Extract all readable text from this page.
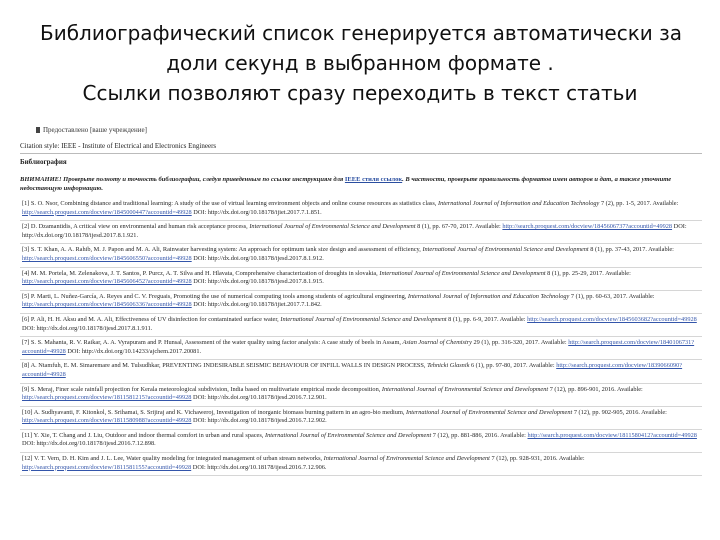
Библиографический список генерируется автоматически за
доли секунд в выбранном формате .
Ссылки позволяют сразу переходить в текст статьи
Предоставлено [ваше учреждение]
Citation style: IEEE - Institute of Electrical and Electronics Engineers
Библиография
ВНИМАНИЕ! Проверьте полноту и точность библиографии, следуя приведенным по ссылке инструкциям для IEEE стиля ссылок. В частности, проверьте правильность форматов имен авторов и дат, а также уточните недостающую информацию.
[1] S. O. Nsor, Combining distance and traditional learning: A study of the use of virtual learning environment objects and online course resources as statistics class, International Journal of Information and Education Technology 7 (2), pp. 1-5, 2017. Available: http://search.proquest.com/docview/1845000447?accountid=49928 DOI: http://dx.doi.org/10.18178/ijiet.2017.7.1.851.
[2] D. Dzamantidis, A critical view on environmental and human risk acceptance process, International Journal of Environmental Science and Development 8 (1), pp. 67-70, 2017. Available: http://search.proquest.com/docview/1845606737?accountid=49928 DOI: http://dx.doi.org/10.18178/ijesd.2017.8.1.921.
[3] S. T. Khan, A. A. Rahib, M. J. Papon and M. A. Ali, Rainwater harvesting system: An approach for optimum tank size design and assessment of efficiency, International Journal of Environmental Science and Development 8 (1), pp. 37-43, 2017. Available: http://search.proquest.com/docview/1845606550?accountid=49928 DOI: http://dx.doi.org/10.18178/ijesd.2017.8.1.912.
[4] M. M. Portela, M. Zelenakova, J. T. Santos, P. Purcz, A. T. Silva and H. Hlavata, Comprehensive characterization of droughts in slovakia, International Journal of Environmental Science and Development 8 (1), pp. 25-29, 2017. Available: http://search.proquest.com/docview/1845606452?accountid=49928 DOI: http://dx.doi.org/10.18178/ijesd.2017.8.1.915.
[5] P. Marti, L. Nuñez-García, A. Reyes and C. V. Freguais, Promoting the use of numerical computing tools among students of agricultural engineering, International Journal of Information and Education Technology 7 (1), pp. 60-63, 2017. Available: http://search.proquest.com/docview/1845606336?accountid=49928 DOI: http://dx.doi.org/10.18178/ijiet.2017.7.1.842.
[6] P. Ali, H. H. Aksu and M. A. Ali, Effectiveness of UV disinfection for contaminated surface water, International Journal of Environmental Science and Development 8 (1), pp. 6-9, 2017. Available: http://search.proquest.com/docview/1845603682?accountid=49928 DOI: http://dx.doi.org/10.18178/ijesd.2017.8.1.911.
[7] S. S. Mahanta, R. V. Raikar, A. A. Vyrapuram and P. Hunsal, Assessment of the water quality using factor analysis: A case study of beels in Assam, Asian Journal of Chemistry 29 (1), pp. 316-320, 2017. Available: http://search.proquest.com/docview/1840106731?accountid=49928 DOI: http://dx.doi.org/10.14233/ajchem.2017.20081.
[8] A. Ntamfuh, E. M. Simaremare and M. Tulsudhkar, PREVENTING INDESIRABLE SEISMIC BEHAVIOUR OF INFILL WALLS IN DESIGN PROCESS, Tehnicki Glasnik 6 (1), pp. 97-80, 2017. Available: http://search.proquest.com/docview/1839066090?accountid=49928
[9] S. Meraj, Finer scale rainfall projection for Kerala meteorological subdivision, India based on multivariate empirical mode decomposition, International Journal of Environmental Science and Development 7 (12), pp. 896-901, 2016. Available: http://search.proquest.com/docview/1811581215?accountid=49928 DOI: http://dx.doi.org/10.18178/ijesd.2016.7.12.901.
[10] A. Sudhyavanti, F. Kitonkol, S. Srihamai, S. Srijiraj and K. Vichaweroj, Investigation of inorganic biomass burning pattern in an agro-bio medium, International Journal of Environmental Science and Development 7 (12), pp. 902-905, 2016. Available: http://search.proquest.com/docview/1811580988?accountid=49928 DOI: http://dx.doi.org/10.18178/ijesd.2016.7.12.902.
[11] Y. Xie, T. Chang and J. Liu, Outdoor and indoor thermal comfort in urban and rural spaces, International Journal of Environmental Science and Development 7 (12), pp. 881-886, 2016. Available: http://search.proquest.com/docview/1811580412?accountid=49928 DOI: http://dx.doi.org/10.18178/ijesd.2016.7.12.898.
[12] V. T. Vern, D. H. Kim and J. L. Lee, Water quality modeling for integrated management of urban stream networks, International Journal of Environmental Science and Development 7 (12), pp. 928-931, 2016. Available: http://search.proquest.com/docview/1811581155?accountid=49928 DOI: http://dx.doi.org/10.18178/ijesd.2016.7.12.906.
